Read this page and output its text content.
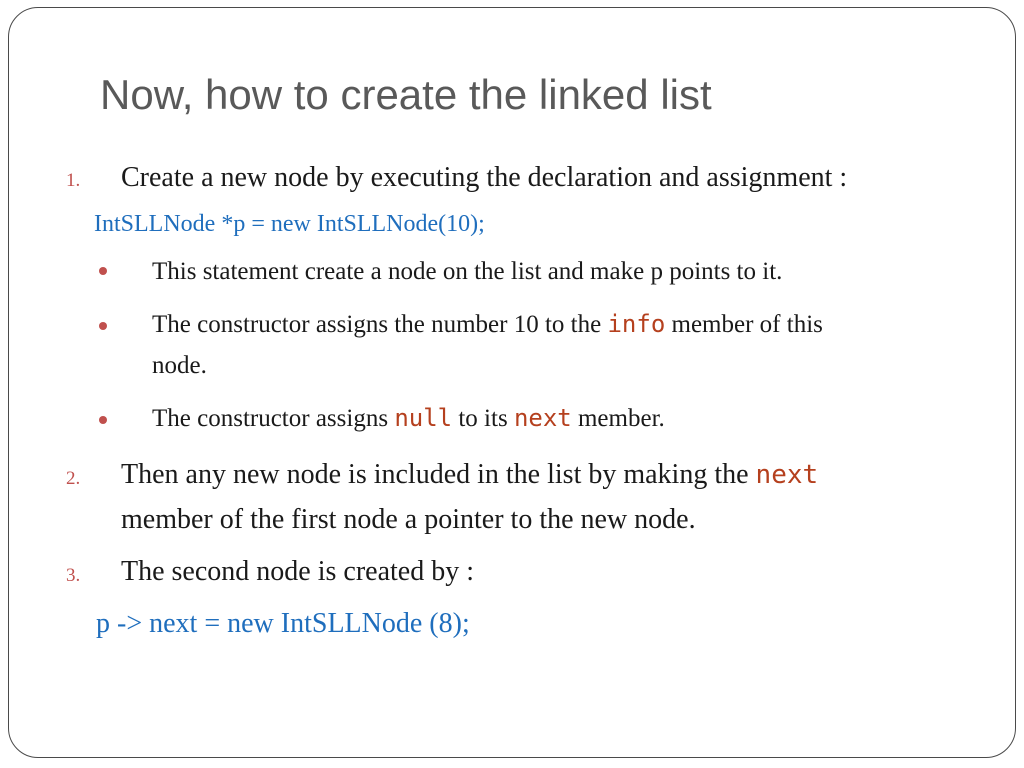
Now, how to create the linked list
1. Create a new node by executing the declaration and assignment :
IntSLLNode *p = new IntSLLNode(10);
This statement create a node on the list and make p points to it.
The constructor assigns the number 10 to the info member of this
node.
The constructor assigns null to its next member.
2. Then any new node is included in the list by making the next
member of the first node a pointer to the new node.
3. The second node is created by :
p -> next = new IntSLLNode (8);
